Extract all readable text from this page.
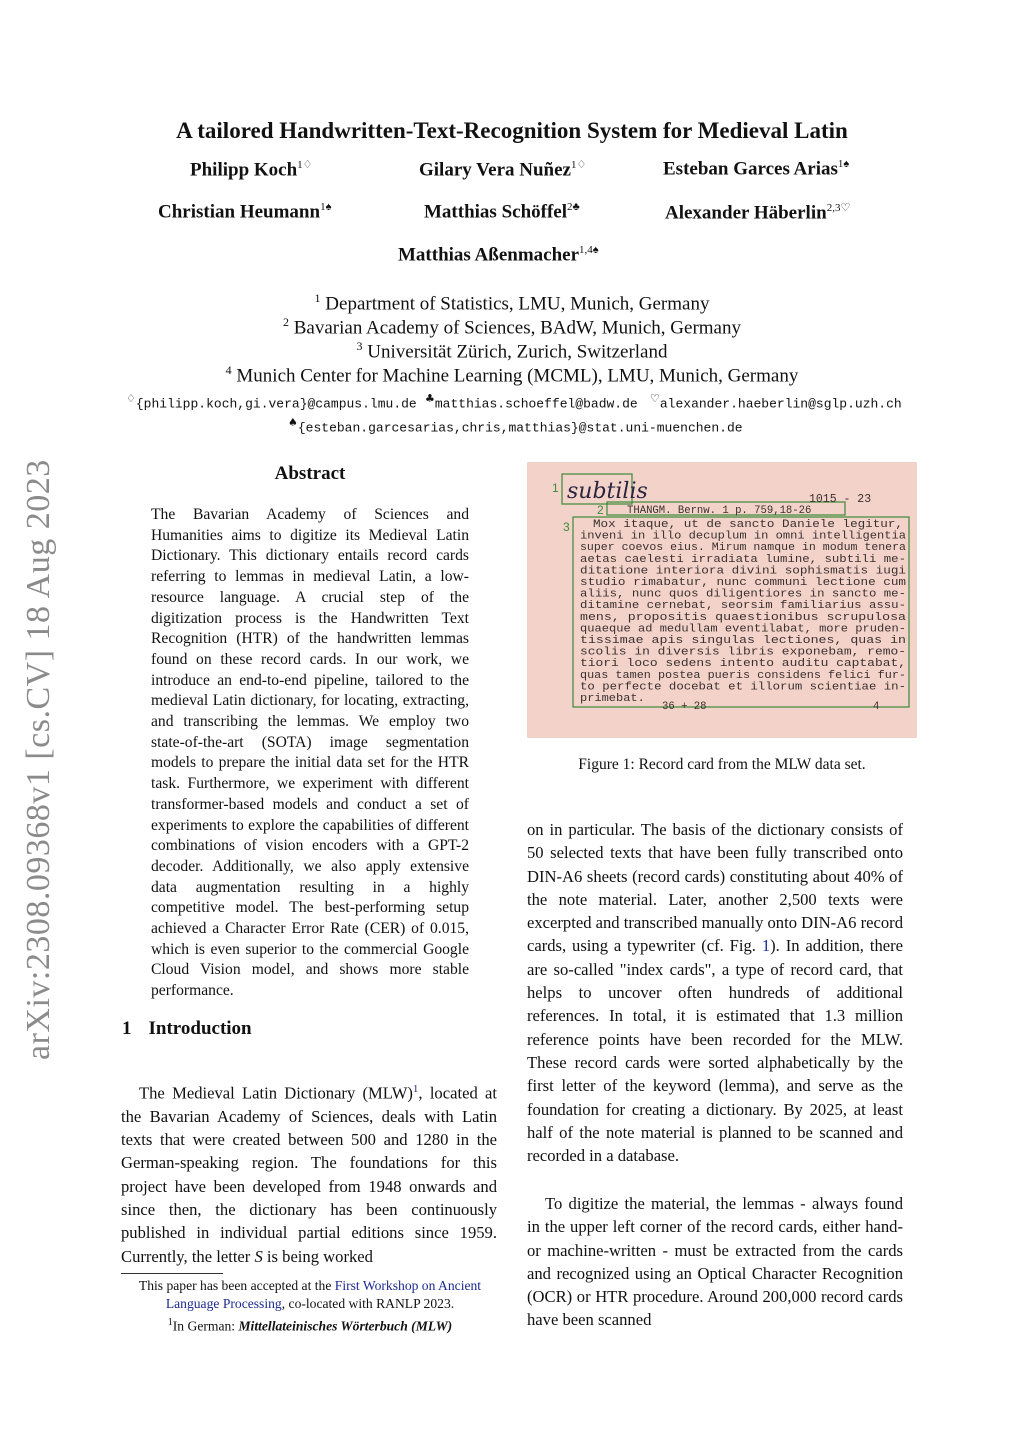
arXiv:2308.09368v1 [cs.CV] 18 Aug 2023
A tailored Handwritten-Text-Recognition System for Medieval Latin
Philipp Koch$^{1♢}$	Gilary Vera Nuñez$^{1♢}$	Esteban Garces Arias$^{1♠}$
Christian Heumann$^{1♠}$	Matthias Schöffel$^{2♣}$	Alexander Häberlin$^{2,3♡}$
Matthias Aßenmacher$^{1,4♠}$
$^1$ Department of Statistics, LMU, Munich, Germany
$^2$ Bavarian Academy of Sciences, BAdW, Munich, Germany
$^3$ Universität Zürich, Zurich, Switzerland
$^4$ Munich Center for Machine Learning (MCML), LMU, Munich, Germany
♢{philipp.koch,gi.vera}@campus.lmu.de ♣matthias.schoeffel@badw.de ♡alexander.haeberlin@sglp.uzh.ch
♠{esteban.garcesarias,chris,matthias}@stat.uni-muenchen.de
Abstract
The Bavarian Academy of Sciences and Humanities aims to digitize its Medieval Latin Dictionary. This dictionary entails record cards referring to lemmas in medieval Latin, a low-resource language. A crucial step of the digitization process is the Handwritten Text Recognition (HTR) of the handwritten lemmas found on these record cards. In our work, we introduce an end-to-end pipeline, tailored to the medieval Latin dictionary, for locating, extracting, and transcribing the lemmas. We employ two state-of-the-art (SOTA) image segmentation models to prepare the initial data set for the HTR task. Furthermore, we experiment with different transformer-based models and conduct a set of experiments to explore the capabilities of different combinations of vision encoders with a GPT-2 decoder. Additionally, we also apply extensive data augmentation resulting in a highly competitive model. The best-performing setup achieved a Character Error Rate (CER) of 0.015, which is even superior to the commercial Google Cloud Vision model, and shows more stable performance.
1 Introduction
The Medieval Latin Dictionary (MLW)$^1$, located at the Bavarian Academy of Sciences, deals with Latin texts that were created between 500 and 1280 in the German-speaking region. The foundations for this project have been developed from 1948 onwards and since then, the dictionary has been continuously published in individual partial editions since 1959. Currently, the letter S is being worked
This paper has been accepted at the First Workshop on Ancient Language Processing, co-located with RANLP 2023.
$^1$In German: Mittellateinisches Wörterbuch (MLW)
1
2
3
subtilis	1015 - 23
THANGM. Bernw. 1 p. 759,18-26
Mox itaque, ut de sancto Daniele legitur,
inveni in illo decuplum in omni intelligentia
super coevos eius. Mirum namque in modum tenera
aetas caelesti irradiata lumine, subtili me-
ditatione interiora divini sophismatis iugi
studio rimabatur, nunc communi lectione cum
aliis, nunc quos diligentiores in sancto me-
ditamine cernebat, seorsim familiarius assu-
mens, propositis quaestionibus scrupulosa
quaeque ad medullam eventilabat, more pruden-
tissimae apis singulas lectiones, quas in
scolis in diversis libris exponebam, remo-
tiori loco sedens intento auditu captabat,
quas tamen postea pueris considens felici fur-
to perfecte docebat et illorum scientiae in-
primebat.
36 + 28	4
Figure 1: Record card from the MLW data set.
on in particular. The basis of the dictionary consists of 50 selected texts that have been fully transcribed onto DIN-A6 sheets (record cards) constituting about 40% of the note material. Later, another 2,500 texts were excerpted and transcribed manually onto DIN-A6 record cards, using a typewriter (cf. Fig. 1). In addition, there are so-called "index cards", a type of record card, that helps to uncover often hundreds of additional references. In total, it is estimated that 1.3 million reference points have been recorded for the MLW. These record cards were sorted alphabetically by the first letter of the keyword (lemma), and serve as the foundation for creating a dictionary. By 2025, at least half of the note material is planned to be scanned and recorded in a database.
To digitize the material, the lemmas - always found in the upper left corner of the record cards, either hand- or machine-written - must be extracted from the cards and recognized using an Optical Character Recognition (OCR) or HTR procedure. Around 200,000 record cards have been scanned
